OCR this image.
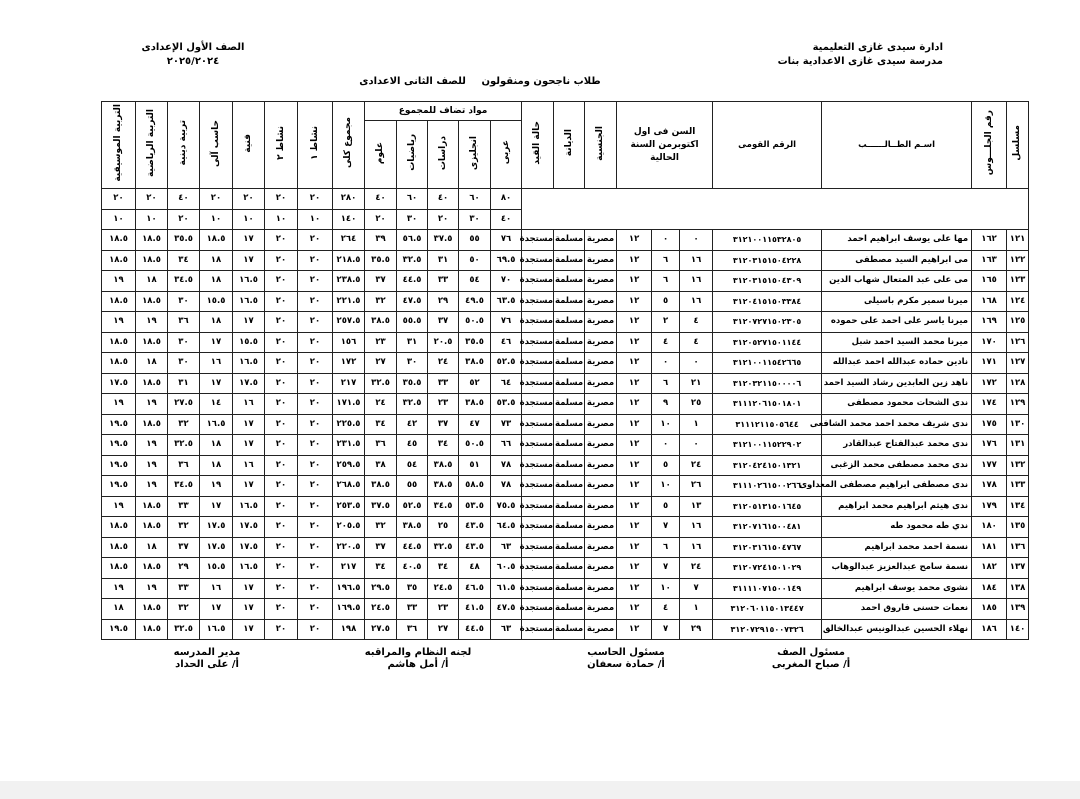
ادارة سيدى غازى التعليمية
مدرسة سيدى غازى الاعدادية بنات
الصف الأول الإعدادى
٢٠٢٥/٢٠٢٤
طلاب ناجحون ومنقولون للصف الثانى الاعدادى
مسلسل	رقم الجلـــوس	اسـم الطــالــــــب	الرقم القومى	السن فى اول اكتوبرمن السنة الحالية			الجنسية	الديانة	حالة القيد	مواد تضاف للمجموع					مجموع كلى	نشاط ١	نشاط ٢	فنية	حاسب آلى	تربية دينية	التربية الرياضية	التربية الموسيقية
										عربى	انجليزى	دراسات	رياضيات	علوم								
										٨٠	٦٠	٤٠	٦٠	٤٠	٢٨٠	٢٠	٢٠	٢٠	٢٠	٤٠	٢٠	٢٠
										٤٠	٣٠	٢٠	٣٠	٢٠	١٤٠	١٠	١٠	١٠	١٠	٢٠	١٠	١٠
١٢١	١٦٢	مها على يوسف ابراهيم احمد	٣١٢١٠٠١١٥٣٢٨٠٥	٠	٠	١٢	مصرية	مسلمة	مستجدة	٧٦	٥٥	٣٧.٥	٥٦.٥	٣٩	٢٦٤	٢٠	٢٠	١٧	١٨.٥	٣٥.٥	١٨.٥	١٨.٥
١٢٢	١٦٣	مى ابراهيم السيد مصطفى	٣١٢٠٣١٥١٥٠٤٢٢٨	١٦	٦	١٢	مصرية	مسلمة	مستجدة	٦٩.٥	٥٠	٣١	٣٢.٥	٣٥.٥	٢١٨.٥	٢٠	٢٠	١٧	١٨	٣٤	١٨.٥	١٨.٥
١٢٣	١٦٥	مى على عبد المتعال شهاب الدين	٣١٢٠٣١٥١٥٠٤٣٠٩	١٦	٦	١٢	مصرية	مسلمة	مستجدة	٧٠	٥٤	٣٣	٤٤.٥	٣٧	٢٣٨.٥	٢٠	٢٠	١٦.٥	١٨	٣٤.٥	١٨	١٩
١٢٤	١٦٨	ميرنا سمير مكرم باسيلى	٣١٢٠٤١٥١٥٠٣٣٨٤	١٦	٥	١٢	مصرية	مسلمة	مستجدة	٦٣.٥	٤٩.٥	٢٩	٤٧.٥	٣٢	٢٢١.٥	٢٠	٢٠	١٦.٥	١٥.٥	٣٠	١٨.٥	١٨.٥
١٢٥	١٦٩	ميرنا ياسر على احمد على حموده	٣١٢٠٧٢٧١٥٠٢٣٠٥	٤	٢	١٢	مصرية	مسلمة	مستجدة	٧٦	٥٠.٥	٣٧	٥٥.٥	٣٨.٥	٢٥٧.٥	٢٠	٢٠	١٧	١٨	٣٦	١٩	١٩
١٢٦	١٧٠	ميرنا محمد السيد احمد شبل	٣١٢٠٥٢٧١٥٠١١٤٤	٤	٤	١٢	مصرية	مسلمة	مستجدة	٤٦	٣٥.٥	٢٠.٥	٣١	٢٣	١٥٦	٢٠	٢٠	١٥.٥	١٧	٣٠	١٨.٥	١٨.٥
١٢٧	١٧١	نادين حماده عبدالله احمد عبدالله	٣١٢١٠٠١١٥٤٢٦٦٥	٠	٠	١٢	مصرية	مسلمة	مستجدة	٥٢.٥	٣٨.٥	٢٤	٣٠	٢٧	١٧٢	٢٠	٢٠	١٦.٥	١٦	٣٠	١٨	١٨.٥
١٢٨	١٧٢	ناهد زين العابدين رشاد السيد احمد	٣١٢٠٣٢١١٥٠٠٠٠٦	٢١	٦	١٢	مصرية	مسلمة	مستجدة	٦٤	٥٢	٣٣	٣٥.٥	٣٢.٥	٢١٧	٢٠	٢٠	١٧.٥	١٧	٣١	١٨.٥	١٧.٥
١٢٩	١٧٤	ندى الشحات محمود مصطفى	٣١١١٢٠٦١٥٠١٨٠١	٢٥	٩	١٢	مصرية	مسلمة	مستجدة	٥٣.٥	٣٨.٥	٢٣	٣٢.٥	٢٤	١٧١.٥	٢٠	٢٠	١٦	١٤	٢٧.٥	١٩	١٩
١٣٠	١٧٥	ندى شريف محمد احمد محمد الشافعى	٣١١١٢١١٥٠٥٦٤٤	١	١٠	١٢	مصرية	مسلمة	مستجدة	٧٣	٤٧	٣٧	٤٢	٣٤	٢٢٥.٥	٢٠	٢٠	١٧	١٦.٥	٣٢	١٨.٥	١٩.٥
١٣١	١٧٦	ندى محمد عبدالفتاح عبدالقادر	٣١٢١٠٠١١٥٢٢٩٠٢	٠	٠	١٢	مصرية	مسلمة	مستجدة	٦٦	٥٠.٥	٣٤	٤٥	٣٦	٢٣١.٥	٢٠	٢٠	١٧	١٨	٣٢.٥	١٩	١٩.٥
١٣٢	١٧٧	ندى محمد مصطفى محمد الزغبى	٣١٢٠٤٢٤١٥٠١٣٢١	٢٤	٥	١٢	مصرية	مسلمة	مستجدة	٧٨	٥١	٣٨.٥	٥٤	٣٨	٢٥٩.٥	٢٠	٢٠	١٦	١٨	٣٦	١٩	١٩.٥
١٣٣	١٧٨	ندى مصطفى ابراهيم مصطفى المعداوى	٣١١١٠٢٦١٥٠٠٢٦٦	٢٦	١٠	١٢	مصرية	مسلمة	مستجدة	٧٨	٥٨.٥	٣٨.٥	٥٥	٣٨.٥	٢٦٨.٥	٢٠	٢٠	١٧	١٩	٣٤.٥	١٩	١٩.٥
١٣٤	١٧٩	ندى هيثم ابراهيم محمد ابراهيم	٣١٢٠٥١٣١٥٠١٦٤٥	١٣	٥	١٢	مصرية	مسلمة	مستجدة	٧٥.٥	٥٣.٥	٣٤.٥	٥٢.٥	٣٧.٥	٢٥٣.٥	٢٠	٢٠	١٦.٥	١٧	٣٣	١٨.٥	١٩
١٣٥	١٨٠	ندي طه محمود طه	٣١٢٠٧١٦١٥٠٠٤٨١	١٦	٧	١٢	مصرية	مسلمة	مستجدة	٦٤.٥	٤٣.٥	٢٥	٣٨.٥	٣٢	٢٠٥.٥	٢٠	٢٠	١٧.٥	١٧.٥	٣٢	١٨.٥	١٨.٥
١٣٦	١٨١	نسمة احمد محمد ابراهيم	٣١٢٠٣١٦١٥٠٤٧٦٧	١٦	٦	١٢	مصرية	مسلمة	مستجدة	٦٣	٤٣.٥	٣٢.٥	٤٤.٥	٣٧	٢٢٠.٥	٢٠	٢٠	١٧.٥	١٧.٥	٣٧	١٨	١٨.٥
١٣٧	١٨٢	نسمة سامح عبدالعزيز عبدالوهاب	٣١٢٠٧٢٤١٥٠١٠٢٩	٢٤	٧	١٢	مصرية	مسلمة	مستجدة	٦٠.٥	٤٨	٣٤	٤٠.٥	٣٤	٢١٧	٢٠	٢٠	١٦.٥	١٥.٥	٢٩	١٨.٥	١٨.٥
١٣٨	١٨٤	نشوى محمد يوسف ابراهيم	٣١١١١٠٧١٥٠٠١٤٩	٧	١٠	١٢	مصرية	مسلمة	مستجدة	٦١.٥	٤٦.٥	٢٤.٥	٣٥	٢٩.٥	١٩٦.٥	٢٠	٢٠	١٧	١٦	٣٣	١٩	١٩
١٣٩	١٨٥	نعمات حسنى فاروق احمد	٣١٢٠٦٠١١٥٠١٣٤٤٧	١	٤	١٢	مصرية	مسلمة	مستجدة	٤٧.٥	٤١.٥	٢٣	٣٣	٢٤.٥	١٦٩.٥	٢٠	٢٠	١٧	١٧	٣٢	١٨.٥	١٨
١٤٠	١٨٦	نهلاء الحسين عبدالونيس عبدالخالق	٣١٢٠٧٢٩١٥٠٠٧٣٢٦	٢٩	٧	١٢	مصرية	مسلمة	مستجدة	٦٣	٤٤.٥	٢٧	٣٦	٢٧.٥	١٩٨	٢٠	٢٠	١٧	١٦.٥	٣٢.٥	١٨.٥	١٩.٥
مسئول الصف
أ/ صباح المغربى
مسئول الحاسب
أ/ حمادة سعفان
لجنه النظام والمراقبه
أ/ أمل هاشم
مدير المدرسه
أ/ على الحداد
